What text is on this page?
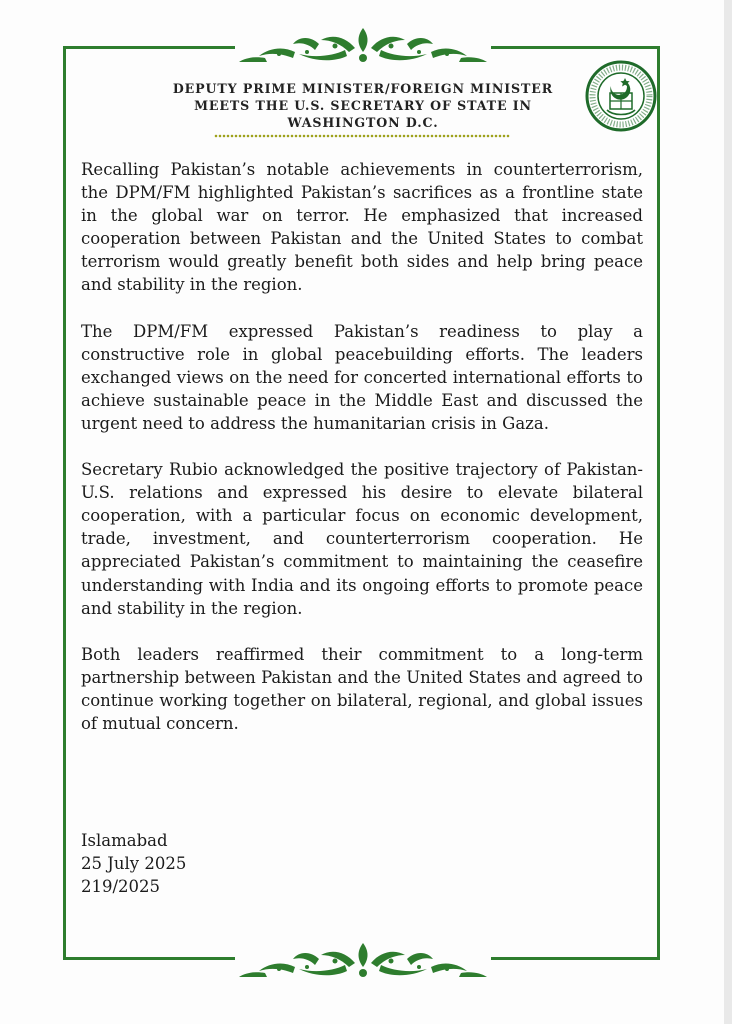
DEPUTY PRIME MINISTER/FOREIGN MINISTER
MEETS THE U.S. SECRETARY OF STATE IN
WASHINGTON D.C.

Recalling Pakistan’s notable achievements in counterterrorism, the DPM/FM highlighted Pakistan’s sacrifices as a frontline state in the global war on terror. He emphasized that increased cooperation between Pakistan and the United States to combat terrorism would greatly benefit both sides and help bring peace and stability in the region.

The DPM/FM expressed Pakistan’s readiness to play a constructive role in global peacebuilding efforts. The leaders exchanged views on the need for concerted international efforts to achieve sustainable peace in the Middle East and discussed the urgent need to address the humanitarian crisis in Gaza.

Secretary Rubio acknowledged the positive trajectory of Pakistan-U.S. relations and expressed his desire to elevate bilateral cooperation, with a particular focus on economic development, trade, investment, and counterterrorism cooperation. He appreciated Pakistan’s commitment to maintaining the ceasefire understanding with India and its ongoing efforts to promote peace and stability in the region.

Both leaders reaffirmed their commitment to a long-term partnership between Pakistan and the United States and agreed to continue working together on bilateral, regional, and global issues of mutual concern.

Islamabad
25 July 2025
219/2025
